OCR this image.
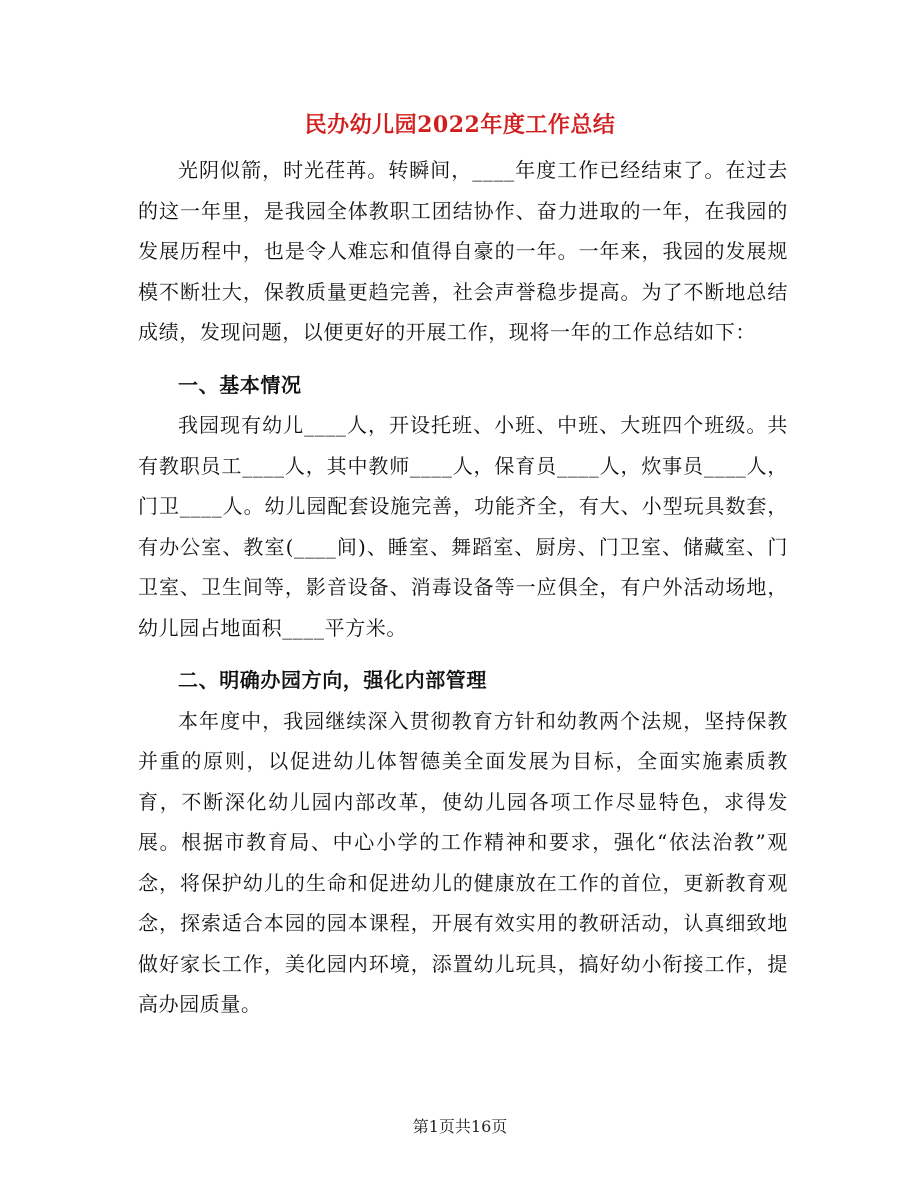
民办幼儿园2022年度工作总结

光阴似箭，时光荏苒。转瞬间，____年度工作已经结束了。在过去的这一年里，是我园全体教职工团结协作、奋力进取的一年，在我园的发展历程中，也是令人难忘和值得自豪的一年。一年来，我园的发展规模不断壮大，保教质量更趋完善，社会声誉稳步提高。为了不断地总结成绩，发现问题，以便更好的开展工作，现将一年的工作总结如下：

一、基本情况

我园现有幼儿____人，开设托班、小班、中班、大班四个班级。共有教职员工____人，其中教师____人，保育员____人，炊事员____人，门卫____人。幼儿园配套设施完善，功能齐全，有大、小型玩具数套，有办公室、教室(____间)、睡室、舞蹈室、厨房、门卫室、储藏室、门卫室、卫生间等，影音设备、消毒设备等一应俱全，有户外活动场地，幼儿园占地面积____平方米。

二、明确办园方向，强化内部管理

本年度中，我园继续深入贯彻教育方针和幼教两个法规，坚持保教并重的原则，以促进幼儿体智德美全面发展为目标，全面实施素质教育，不断深化幼儿园内部改革，使幼儿园各项工作尽显特色，求得发展。根据市教育局、中心小学的工作精神和要求，强化“依法治教”观念，将保护幼儿的生命和促进幼儿的健康放在工作的首位，更新教育观念，探索适合本园的园本课程，开展有效实用的教研活动，认真细致地做好家长工作，美化园内环境，添置幼儿玩具，搞好幼小衔接工作，提高办园质量。

第1页共16页
